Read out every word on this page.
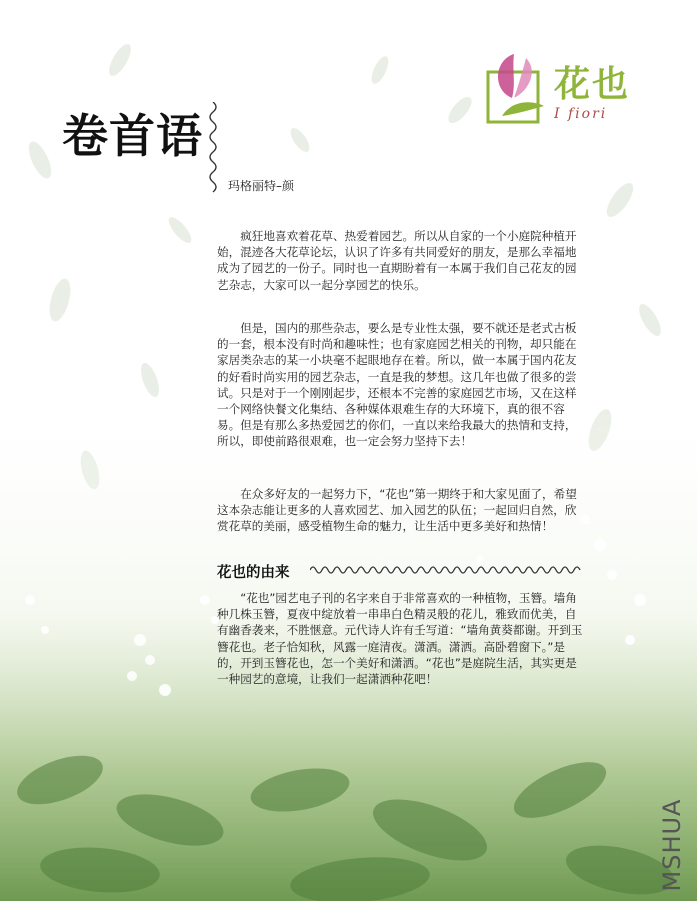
花也
I fiori
卷首语
玛格丽特–颜

疯狂地喜欢着花草、热爱着园艺。所以从自家的一个小庭院种植开始，混迹各大花草论坛，认识了许多有共同爱好的朋友，是那么幸福地成为了园艺的一份子。同时也一直期盼着有一本属于我们自己花友的园艺杂志，大家可以一起分享园艺的快乐。

但是，国内的那些杂志，要么是专业性太强，要不就还是老式古板的一套，根本没有时尚和趣味性；也有家庭园艺相关的刊物，却只能在家居类杂志的某一小块毫不起眼地存在着。所以，做一本属于国内花友的好看时尚实用的园艺杂志，一直是我的梦想。这几年也做了很多的尝试。只是对于一个刚刚起步，还根本不完善的家庭园艺市场，又在这样一个网络快餐文化集结、各种媒体艰难生存的大环境下，真的很不容易。但是有那么多热爱园艺的你们，一直以来给我最大的热情和支持，所以，即使前路很艰难，也一定会努力坚持下去！

在众多好友的一起努力下，“花也”第一期终于和大家见面了，希望这本杂志能让更多的人喜欢园艺、加入园艺的队伍；一起回归自然，欣赏花草的美丽，感受植物生命的魅力，让生活中更多美好和热情！

花也的由来

“花也”园艺电子刊的名字来自于非常喜欢的一种植物，玉簪。墙角种几株玉簪，夏夜中绽放着一串串白色精灵般的花儿，雅致而优美，自有幽香袭来，不胜惬意。元代诗人许有壬写道：“墙角黄葵都谢。开到玉簪花也。老子恰知秋，风露一庭清夜。潇洒。潇洒。高卧碧窗下。”是的，开到玉簪花也，怎一个美好和潇洒。“花也”是庭院生活，其实更是一种园艺的意境，让我们一起潇洒种花吧！

MSHUA
